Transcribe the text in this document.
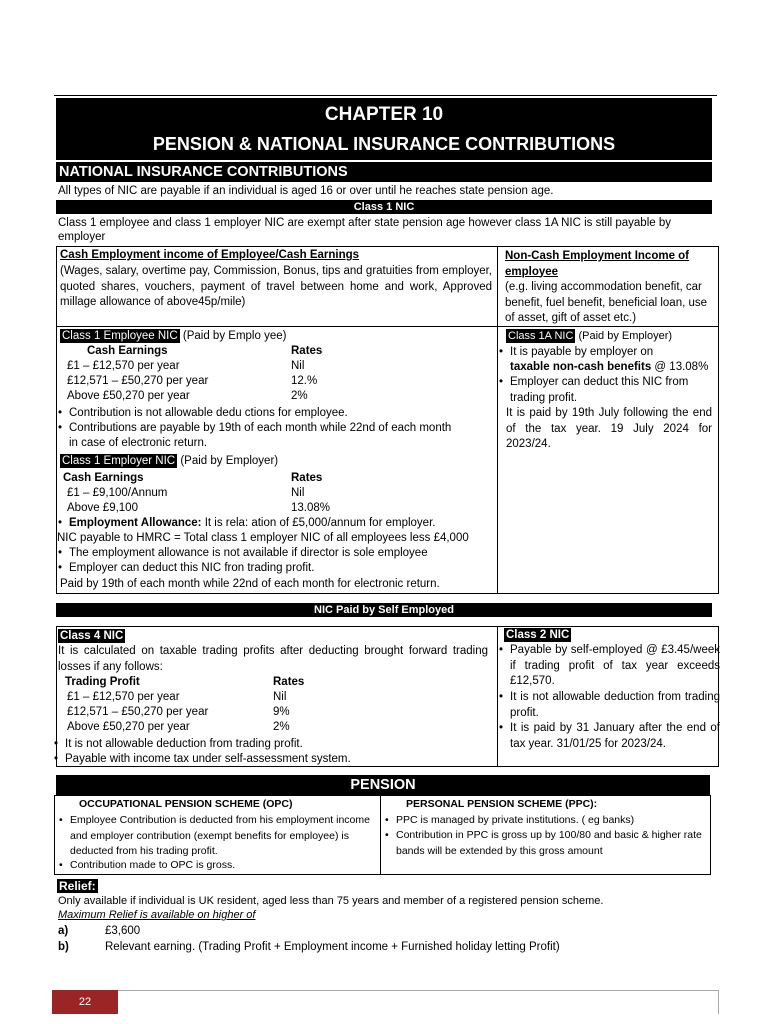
CHAPTER 10
PENSION & NATIONAL INSURANCE CONTRIBUTIONS
NATIONAL INSURANCE CONTRIBUTIONS
All types of NIC are payable if an individual is aged 16 or over until he reaches state pension age.
Class 1 NIC
Class 1 employee and class 1 employer NIC are exempt after state pension age however class 1A NIC is still payable by
employer
Cash Employment income of Employee/Cash Earnings
(Wages, salary, overtime pay, Commission, Bonus, tips and gratuities from employer, quoted shares, vouchers, payment of travel between home and work, Approved millage allowance of above45p/mile)
Non-Cash Employment Income of employee
(e.g. living accommodation benefit, car benefit, fuel benefit, beneficial loan, use of asset, gift of asset etc.)
Class 1 Employee NIC (Paid by Emplo yee)
Cash Earnings	Rates
£1 – £12,570 per year	Nil
£12,571 – £50,270 per year	12.%
Above £50,270 per year	2%
• Contribution is not allowable dedu ctions for employee.
• Contributions are payable by 19th of each month while 22nd of each month
in case of electronic return.
Class 1 Employer NIC (Paid by Employer)
Cash Earnings	Rates
£1 – £9,100/Annum	Nil
Above £9,100	13.08%
• Employment Allowance: It is rela: ation of £5,000/annum for employer.
NIC payable to HMRC = Total class 1 employer NIC of all employees less £4,000
• The employment allowance is not available if director is sole employee
• Employer can deduct this NIC fron trading profit.
Paid by 19th of each month while 22nd of each month for electronic return.
Class 1A NIC (Paid by Employer)
• It is payable by employer on
taxable non-cash benefits @ 13.08%
• Employer can deduct this NIC from trading profit.
It is paid by 19th July following the end of the tax year. 19 July 2024 for 2023/24.
NIC Paid by Self Employed
Class 4 NIC
It is calculated on taxable trading profits after deducting brought forward trading losses if any follows:
Trading Profit	Rates
£1 – £12,570 per year	Nil
£12,571 – £50,270 per year	9%
Above £50,270 per year	2%
• It is not allowable deduction from trading profit.
• Payable with income tax under self-assessment system.
Class 2 NIC
• Payable by self-employed @ £3.45/week if trading profit of tax year exceeds £12,570.
• It is not allowable deduction from trading profit.
• It is paid by 31 January after the end of tax year. 31/01/25 for 2023/24.
PENSION
OCCUPATIONAL PENSION SCHEME (OPC)
• Employee Contribution is deducted from his employment income and employer contribution (exempt benefits for employee) is deducted from his trading profit.
• Contribution made to OPC is gross.
PERSONAL PENSION SCHEME (PPC):
• PPC is managed by private institutions. ( eg banks)
• Contribution in PPC is gross up by 100/80 and basic & higher rate bands will be extended by this gross amount
Relief:
Only available if individual is UK resident, aged less than 75 years and member of a registered pension scheme.
Maximum Relief is available on higher of
a)	£3,600
b)	Relevant earning. (Trading Profit + Employment income + Furnished holiday letting Profit)
22
